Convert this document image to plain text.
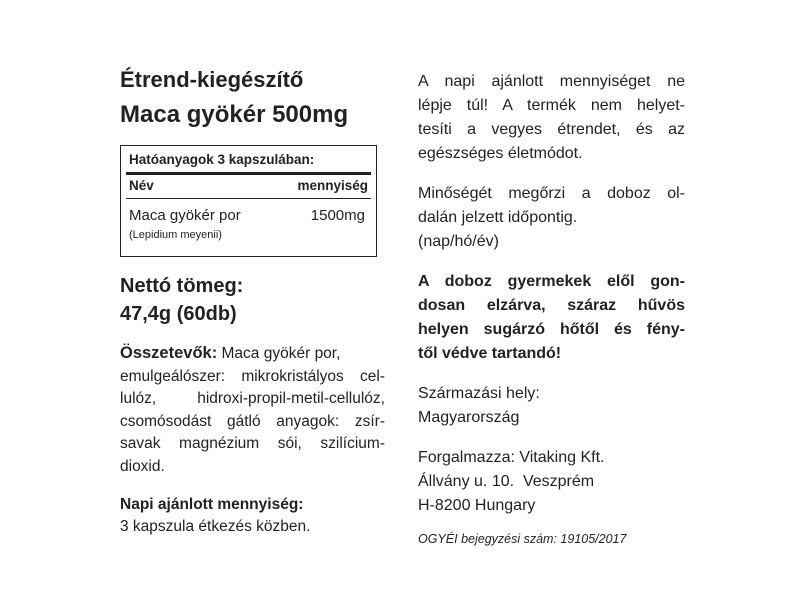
Étrend-kiegészítő
Maca gyökér 500mg
Hatóanyagok 3 kapszulában:
Név	mennyiség
Maca gyökér por	1500mg
(Lepidium meyenii)
Nettó tömeg:
47,4g (60db)

Összetevők: Maca gyökér por,

emulgeálószer: mikrokristályos cel-

lulóz, hidroxi-propil-metil-cellulóz,

csomósodást gátló anyagok: zsír-

savak magnézium sói, szilícium-

dioxid.

Napi ajánlott mennyiség:
3 kapszula étkezés közben.
A napi ajánlott mennyiséget ne
lépje túl! A termék nem helyet-
tesíti a vegyes étrendet, és az
egészséges életmódot.
Minőségét megőrzi a doboz ol-
dalán jelzett időpontig.
(nap/hó/év)
A doboz gyermekek elől gon-
dosan elzárva, száraz hűvös
helyen sugárzó hőtől és fény-
től védve tartandó!
Származási hely:
Magyarország
Forgalmazza: Vitaking Kft.
Állvány u. 10.  Veszprém
H-8200 Hungary
OGYÉI bejegyzési szám: 19105/2017
